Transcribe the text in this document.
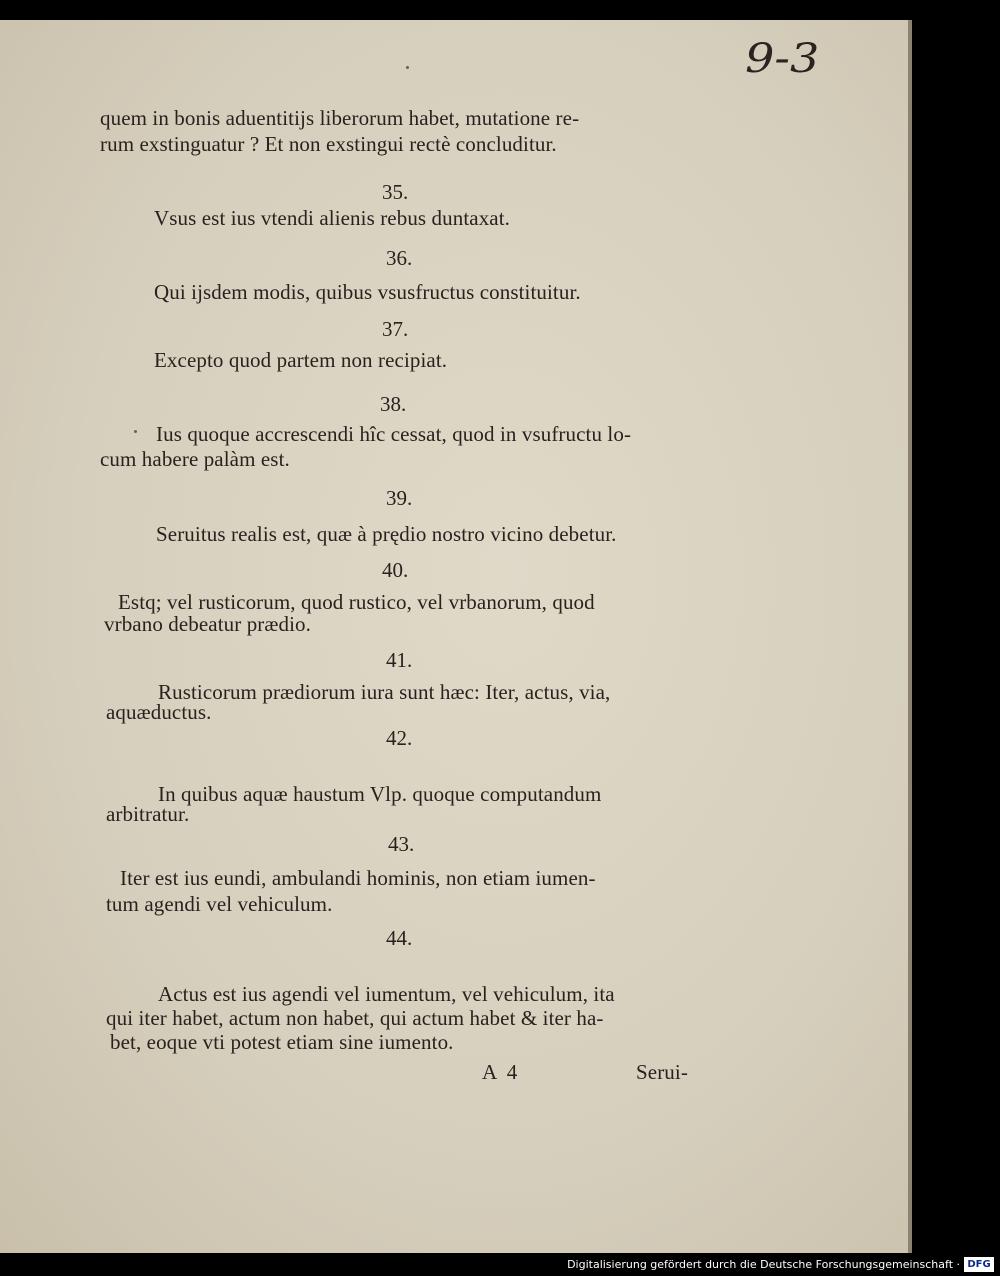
9-3
quem in bonis aduentitijs liberorum habet, mutatione re-
rum exstinguatur ? Et non exstingui rectè concluditur.
35.
Vsus est ius vtendi alienis rebus duntaxat.
36.
Qui ijsdem modis, quibus vsusfructus constituitur.
37.
Excepto quod partem non recipiat.
38.
Ius quoque accrescendi hîc cessat, quod in vsufructu lo-
cum habere palàm est.
39.
Seruitus realis est, quæ à prędio nostro vicino debetur.
40.
Estq; vel rusticorum, quod rustico, vel vrbanorum, quod
vrbano debeatur prædio.
41.
Rusticorum prædiorum iura sunt hæc: Iter, actus, via,
aquæductus.
42.
In quibus aquæ haustum Vlp. quoque computandum
arbitratur.
43.
Iter est ius eundi, ambulandi hominis, non etiam iumen-
tum agendi vel vehiculum.
44.
Actus est ius agendi vel iumentum, vel vehiculum, ita
qui iter habet, actum non habet, qui actum habet & iter ha-
bet, eoque vti potest etiam sine iumento.
A  4	Serui-
Digitalisierung gefördert durch die Deutsche Forschungsgemeinschaft · DFG
